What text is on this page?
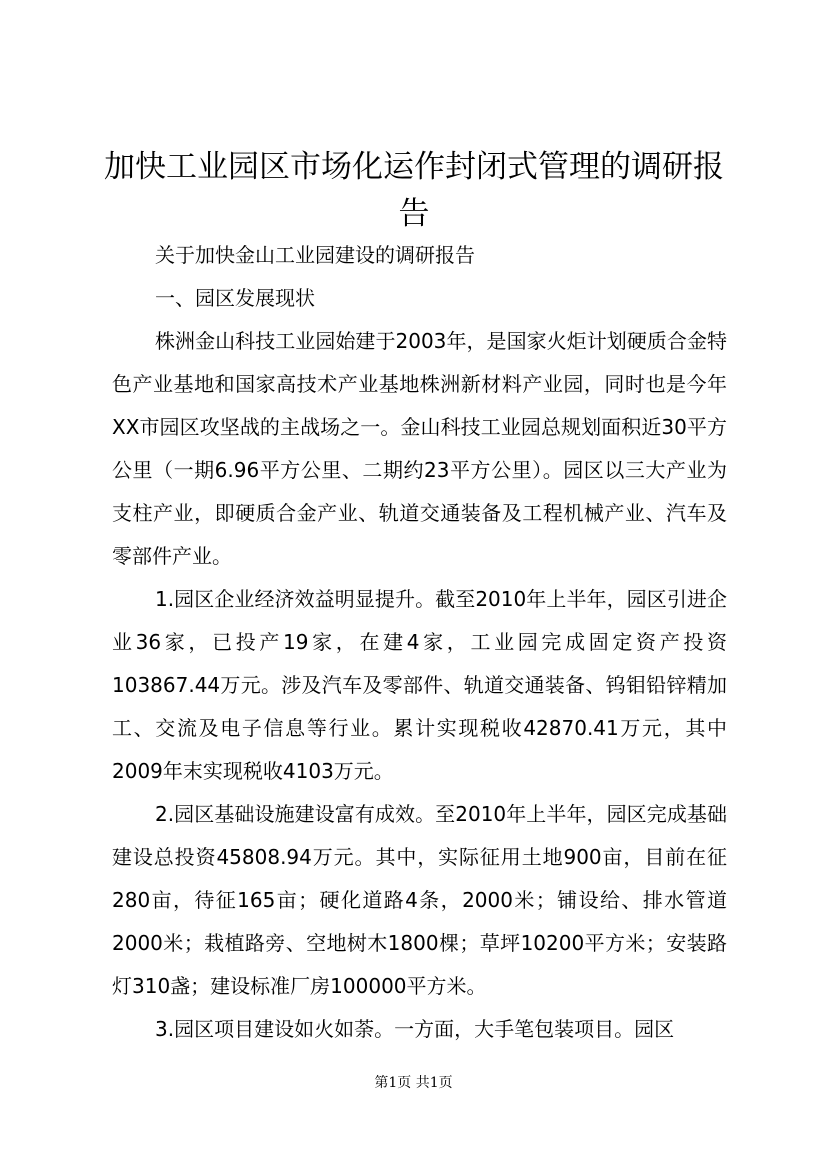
加快工业园区市场化运作封闭式管理的调研报告

关于加快金山工业园建设的调研报告

一、园区发展现状

株洲金山科技工业园始建于2003年，是国家火炬计划硬质合金特色产业基地和国家高技术产业基地株洲新材料产业园，同时也是今年XX市园区攻坚战的主战场之一。金山科技工业园总规划面积近30平方公里（一期6.96平方公里、二期约23平方公里）。园区以三大产业为支柱产业，即硬质合金产业、轨道交通装备及工程机械产业、汽车及零部件产业。

1.园区企业经济效益明显提升。截至2010年上半年，园区引进企业36家，已投产19家，在建4家，工业园完成固定资产投资103867.44万元。涉及汽车及零部件、轨道交通装备、钨钼铅锌精加工、交流及电子信息等行业。累计实现税收42870.41万元，其中2009年末实现税收4103万元。

2.园区基础设施建设富有成效。至2010年上半年，园区完成基础建设总投资45808.94万元。其中，实际征用土地900亩，目前在征280亩，待征165亩；硬化道路4条，2000米；铺设给、排水管道2000米；栽植路旁、空地树木1800棵；草坪10200平方米；安装路灯310盏；建设标准厂房100000平方米。

3.园区项目建设如火如荼。一方面，大手笔包装项目。园区

第1页 共1页
